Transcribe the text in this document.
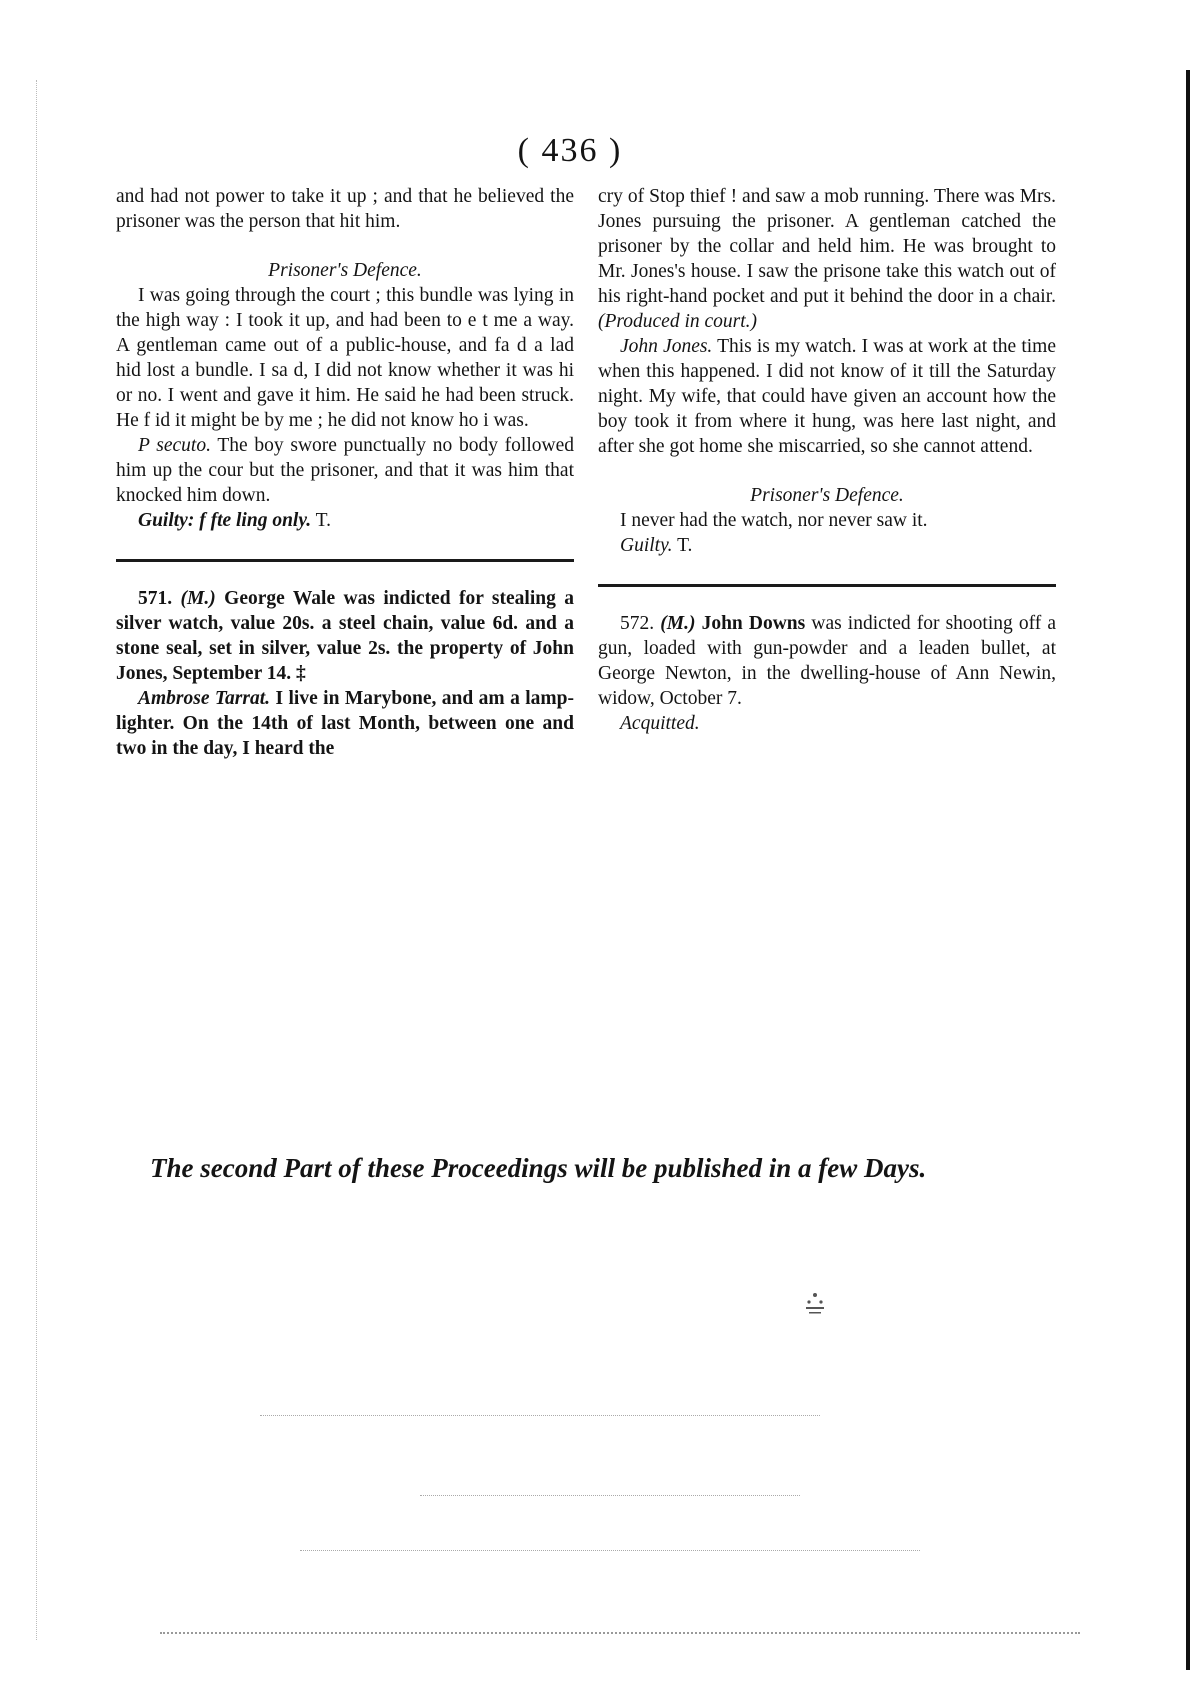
( 436 )

and had not power to take it up ; and that he believed the prisoner was the person that hit him.

Prisoner's Defence.

I was going through the court ; this bundle was lying in the high way : I took it up, and had been to e t me a way. A gentleman came out of a public-house, and fa d a lad hid lost a bundle. I sa d, I did not know whether it was hi or no. I went and gave it him. He said he had been struck. He f id it might be by me ; he did not know ho i was.

P secuto. The boy swore punctually no body followed him up the cour but the prisoner, and that it was him that knocked him down.

Guilty: f fte ling only. T.

571. (M.) George Wale was indicted for stealing a silver watch, value 20s. a steel chain, value 6d. and a stone seal, set in silver, value 2s. the property of John Jones, September 14. ‡

Ambrose Tarrat. I live in Marybone, and am a lamp-lighter. On the 14th of last Month, between one and two in the day, I heard the

cry of Stop thief ! and saw a mob running. There was Mrs. Jones pursuing the prisoner. A gentleman catched the prisoner by the collar and held him. He was brought to Mr. Jones's house. I saw the prisone take this watch out of his right-hand pocket and put it behind the door in a chair. (Produced in court.)

John Jones. This is my watch. I was at work at the time when this happened. I did not know of it till the Saturday night. My wife, that could have given an account how the boy took it from where it hung, was here last night, and after she got home she miscarried, so she cannot attend.

Prisoner's Defence.

I never had the watch, nor never saw it.

Guilty. T.

572. (M.) John Downs was indicted for shooting off a gun, loaded with gun-powder and a leaden bullet, at George Newton, in the dwelling-house of Ann Newin, widow, October 7.

Acquitted.

The second Part of these Proceedings will be published in a few Days.
